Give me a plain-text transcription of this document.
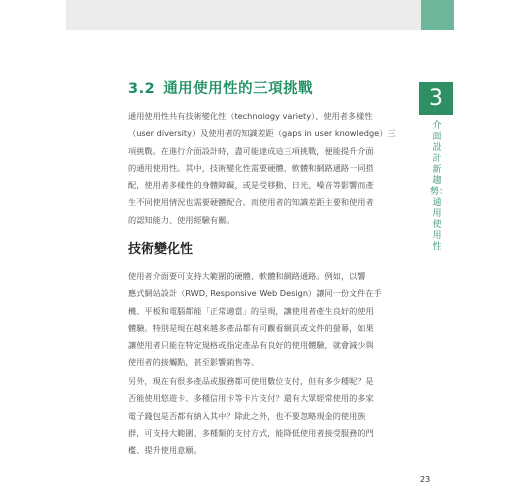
3.2 通用使用性的三項挑戰
通用使用性共有技術變化性（technology variety）、使用者多樣性
（user diversity）及使用者的知識差距（gaps in user knowledge）三
項挑戰。在進行介面設計時，盡可能達成這三項挑戰，便能提升介面
的通用使用性。其中，技術變化性需要硬體、軟體和網路通路一同搭
配，使用者多樣性的身體障礙，或是受移動、日光、噪音等影響而產
生不同使用情況也需要硬體配合。而使用者的知識差距主要和使用者
的認知能力、使用經驗有關。
技術變化性
使用者介面要可支持大範圍的硬體、軟體和網路通路。例如，以響
應式網站設計（RWD, Responsive Web Design）讓同一份文件在手
機、平板和電腦都能「正常適當」的呈現，讓使用者產生良好的使用
體驗。特別是現在越來越多產品都有可觀看網頁或文件的螢幕，如果
讓使用者只能在特定規格或指定產品有良好的使用體驗，就會減少與
使用者的接觸點，甚至影響銷售等。
另外，現在有很多產品或服務都可使用數位支付，但有多少種呢？是
否能使用悠遊卡、多種信用卡等卡片支付？還有大眾經常使用的多家
電子錢包是否都有納入其中？除此之外，也不要忽略現金的使用族
群，可支持大範圍、多種類的支付方式，能降低使用者接受服務的門
檻、提升使用意願。
3
介面設計新趨勢：通用使用性

23
